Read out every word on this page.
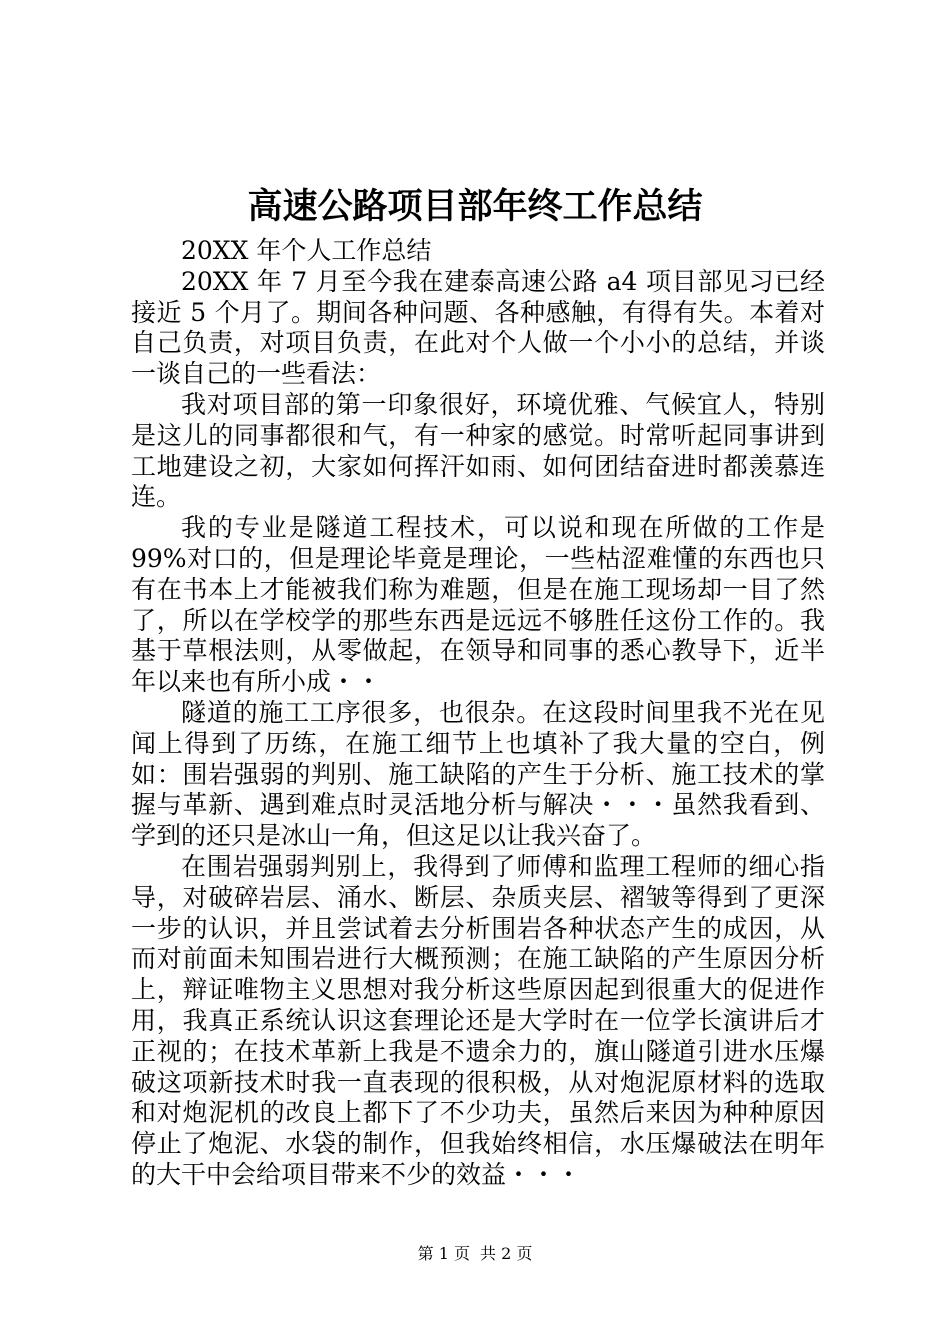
高速公路项目部年终工作总结

20XX 年个人工作总结

20XX 年 7 月至今我在建泰高速公路 a4 项目部见习已经接近 5 个月了。期间各种问题、各种感触，有得有失。本着对自己负责，对项目负责，在此对个人做一个小小的总结，并谈一谈自己的一些看法：

我对项目部的第一印象很好，环境优雅、气候宜人，特别是这儿的同事都很和气，有一种家的感觉。时常听起同事讲到工地建设之初，大家如何挥汗如雨、如何团结奋进时都羡慕连连。

我的专业是隧道工程技术，可以说和现在所做的工作是 99%对口的，但是理论毕竟是理论，一些枯涩难懂的东西也只有在书本上才能被我们称为难题，但是在施工现场却一目了然了，所以在学校学的那些东西是远远不够胜任这份工作的。我基于草根法则，从零做起，在领导和同事的悉心教导下，近半年以来也有所小成・・

隧道的施工工序很多，也很杂。在这段时间里我不光在见闻上得到了历练，在施工细节上也填补了我大量的空白，例如：围岩强弱的判别、施工缺陷的产生于分析、施工技术的掌握与革新、遇到难点时灵活地分析与解决・・・虽然我看到、学到的还只是冰山一角，但这足以让我兴奋了。

在围岩强弱判别上，我得到了师傅和监理工程师的细心指导，对破碎岩层、涌水、断层、杂质夹层、褶皱等得到了更深一步的认识，并且尝试着去分析围岩各种状态产生的成因，从而对前面未知围岩进行大概预测；在施工缺陷的产生原因分析上，辩证唯物主义思想对我分析这些原因起到很重大的促进作用，我真正系统认识这套理论还是大学时在一位学长演讲后才正视的；在技术革新上我是不遗余力的，旗山隧道引进水压爆破这项新技术时我一直表现的很积极，从对炮泥原材料的选取和对炮泥机的改良上都下了不少功夫，虽然后来因为种种原因停止了炮泥、水袋的制作，但我始终相信，水压爆破法在明年的大干中会给项目带来不少的效益・・・

第 1 页 共 2 页
